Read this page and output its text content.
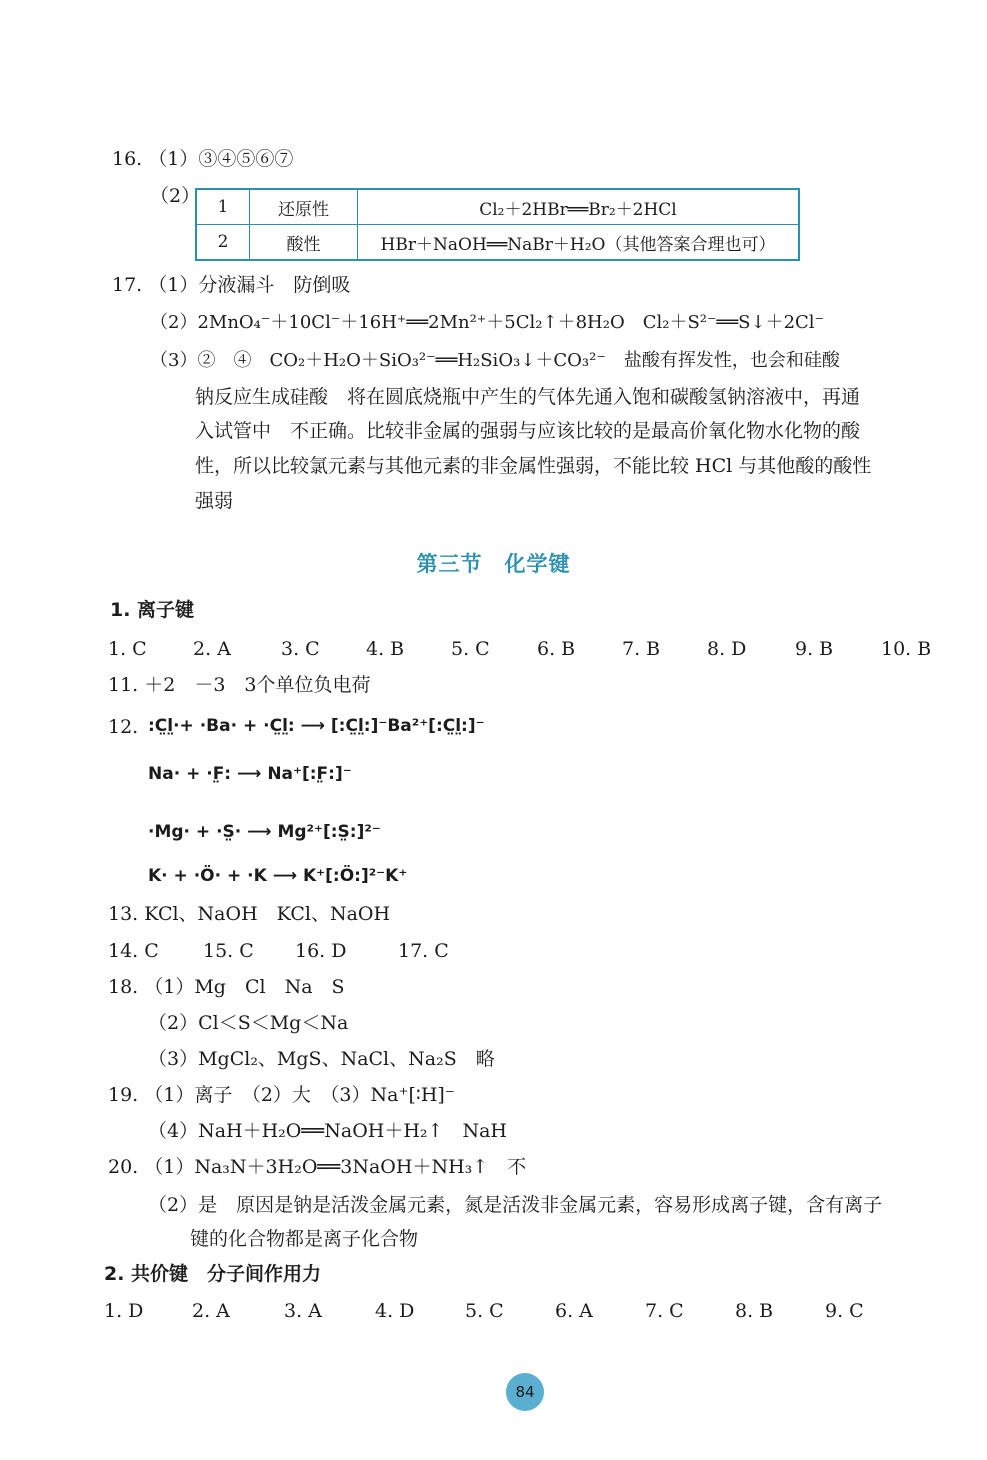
16. （1）③④⑤⑥⑦
（2） 1	还原性	Cl₂＋2HBr══Br₂＋2HCl
2	酸性	HBr＋NaOH══NaBr＋H₂O（其他答案合理也可）
17. （1）分液漏斗　防倒吸
（2）2MnO₄⁻＋10Cl⁻＋16H⁺══2Mn²⁺＋5Cl₂↑＋8H₂O　Cl₂＋S²⁻══S↓＋2Cl⁻
（3）②　④　CO₂＋H₂O＋SiO₃²⁻══H₂SiO₃↓＋CO₃²⁻　盐酸有挥发性，也会和硅酸
钠反应生成硅酸　将在圆底烧瓶中产生的气体先通入饱和碳酸氢钠溶液中，再通
入试管中　不正确。比较非金属的强弱与应该比较的是最高价氧化物水化物的酸
性，所以比较氯元素与其他元素的非金属性强弱，不能比较 HCl 与其他酸的酸性
强弱
第三节　化学键
1. 离子键
1. C	2. A	3. C	4. B	5. C	6. B	7. B	8. D	9. B	10. B
11. ＋2　－3　3个单位负电荷
12. :C̤l̤·+ ·Ba· + ·C̤l̤: ⟶ [:C̤l̤:]⁻Ba²⁺[:C̤l̤:]⁻
Na· + ·F̤: ⟶ Na⁺[:F̤:]⁻
·Mg· + ·S̤· ⟶ Mg²⁺[:S̤:]²⁻
K· + ·Ö· + ·K ⟶ K⁺[:Ö:]²⁻K⁺
13. KCl、NaOH　KCl、NaOH
14. C	15. C	16. D	17. C
18. （1）Mg　Cl　Na　S
（2）Cl＜S＜Mg＜Na
（3）MgCl₂、MgS、NaCl、Na₂S　略
19. （1）离子　（2）大　（3）Na⁺[∶H]⁻
（4）NaH＋H₂O══NaOH＋H₂↑　NaH
20. （1）Na₃N＋3H₂O══3NaOH＋NH₃↑　不
（2）是　原因是钠是活泼金属元素，氮是活泼非金属元素，容易形成离子键，含有离子
键的化合物都是离子化合物
2. 共价键　分子间作用力
1. D	2. A	3. A	4. D	5. C	6. A	7. C	8. B	9. C
84
